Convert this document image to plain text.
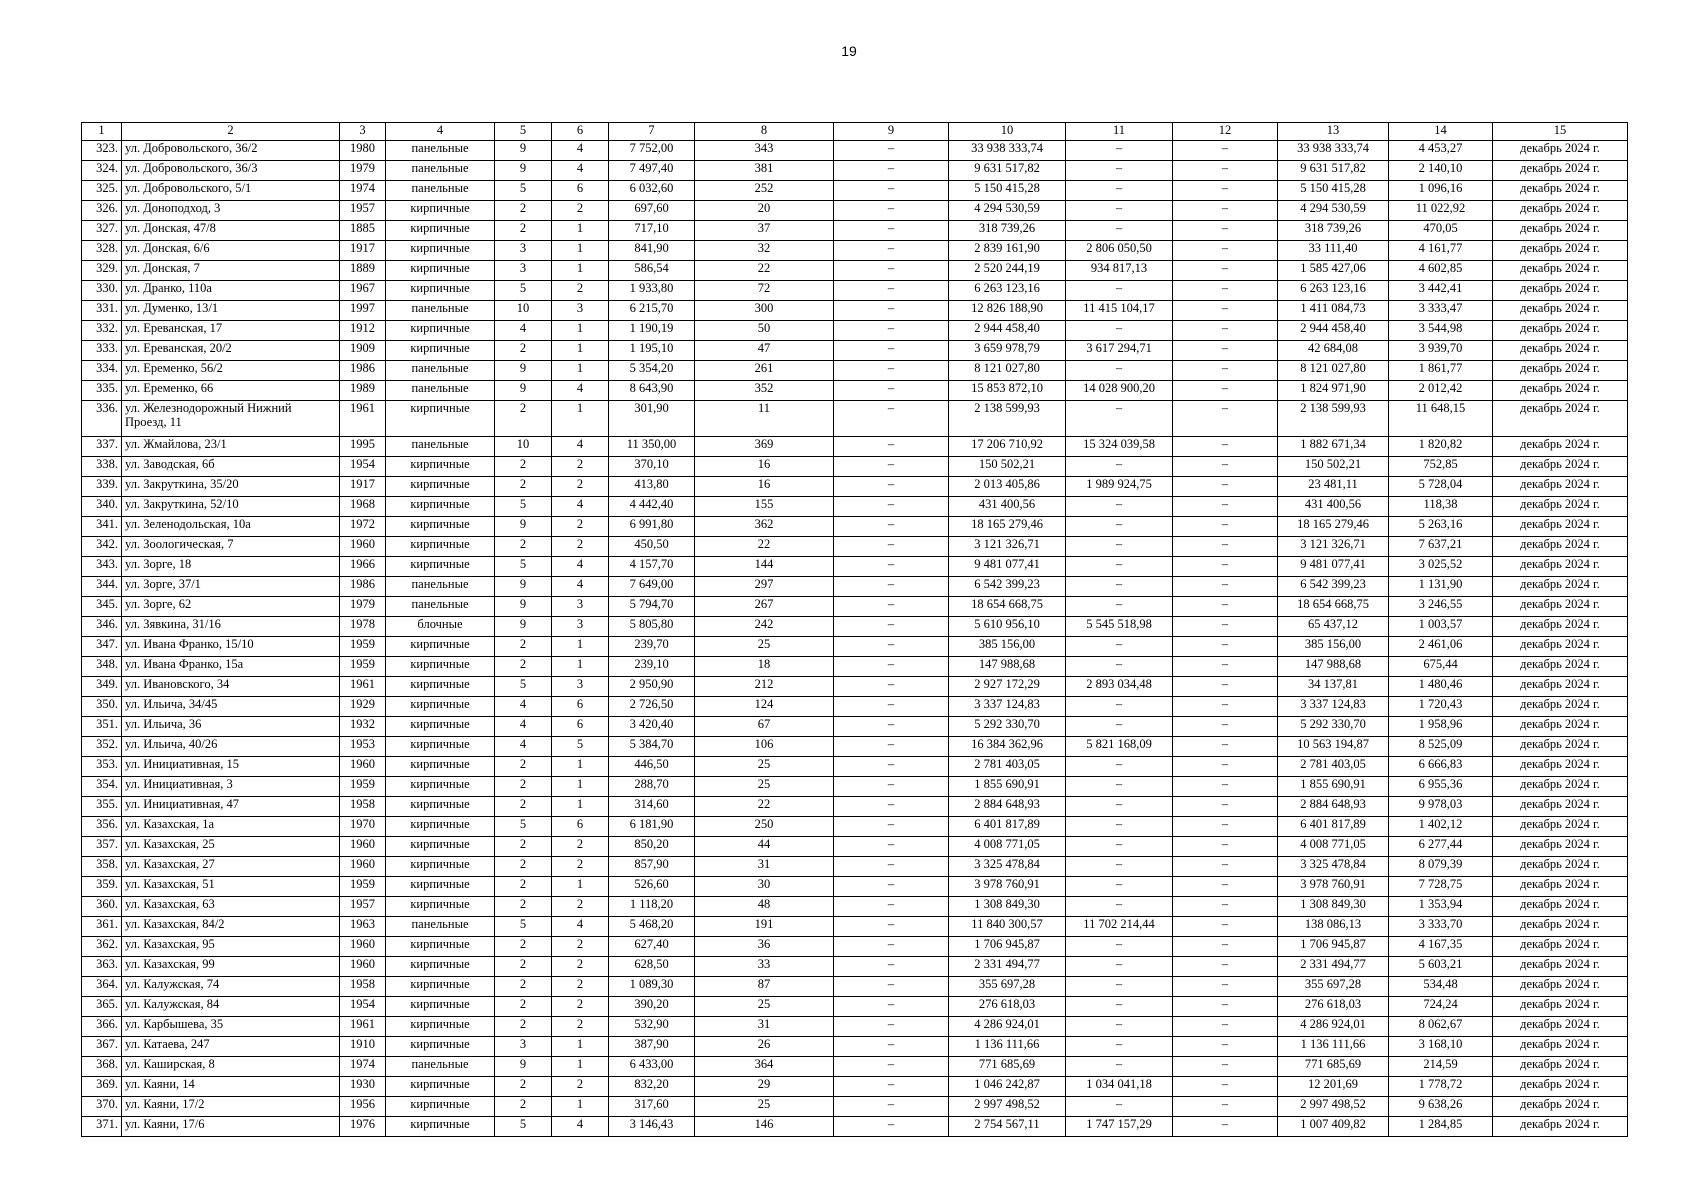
19
1	2	3	4	5	6	7	8	9	10	11	12	13	14	15
323.	ул. Добровольского, 36/2	1980	панельные	9	4	7 752,00	343	–	33 938 333,74	–	–	33 938 333,74	4 453,27	декабрь 2024 г.
324.	ул. Добровольского, 36/3	1979	панельные	9	4	7 497,40	381	–	9 631 517,82	–	–	9 631 517,82	2 140,10	декабрь 2024 г.
325.	ул. Добровольского, 5/1	1974	панельные	5	6	6 032,60	252	–	5 150 415,28	–	–	5 150 415,28	1 096,16	декабрь 2024 г.
326.	ул. Доноподход, 3	1957	кирпичные	2	2	697,60	20	–	4 294 530,59	–	–	4 294 530,59	11 022,92	декабрь 2024 г.
327.	ул. Донская, 47/8	1885	кирпичные	2	1	717,10	37	–	318 739,26	–	–	318 739,26	470,05	декабрь 2024 г.
328.	ул. Донская, 6/6	1917	кирпичные	3	1	841,90	32	–	2 839 161,90	2 806 050,50	–	33 111,40	4 161,77	декабрь 2024 г.
329.	ул. Донская, 7	1889	кирпичные	3	1	586,54	22	–	2 520 244,19	934 817,13	–	1 585 427,06	4 602,85	декабрь 2024 г.
330.	ул. Дранко, 110а	1967	кирпичные	5	2	1 933,80	72	–	6 263 123,16	–	–	6 263 123,16	3 442,41	декабрь 2024 г.
331.	ул. Думенко, 13/1	1997	панельные	10	3	6 215,70	300	–	12 826 188,90	11 415 104,17	–	1 411 084,73	3 333,47	декабрь 2024 г.
332.	ул. Ереванская, 17	1912	кирпичные	4	1	1 190,19	50	–	2 944 458,40	–	–	2 944 458,40	3 544,98	декабрь 2024 г.
333.	ул. Ереванская, 20/2	1909	кирпичные	2	1	1 195,10	47	–	3 659 978,79	3 617 294,71	–	42 684,08	3 939,70	декабрь 2024 г.
334.	ул. Еременко, 56/2	1986	панельные	9	1	5 354,20	261	–	8 121 027,80	–	–	8 121 027,80	1 861,77	декабрь 2024 г.
335.	ул. Еременко, 66	1989	панельные	9	4	8 643,90	352	–	15 853 872,10	14 028 900,20	–	1 824 971,90	2 012,42	декабрь 2024 г.
336.	ул. Железнодорожный Нижний Проезд, 11	1961	кирпичные	2	1	301,90	11	–	2 138 599,93	–	–	2 138 599,93	11 648,15	декабрь 2024 г.
337.	ул. Жмайлова, 23/1	1995	панельные	10	4	11 350,00	369	–	17 206 710,92	15 324 039,58	–	1 882 671,34	1 820,82	декабрь 2024 г.
338.	ул. Заводская, 6б	1954	кирпичные	2	2	370,10	16	–	150 502,21	–	–	150 502,21	752,85	декабрь 2024 г.
339.	ул. Закруткина, 35/20	1917	кирпичные	2	2	413,80	16	–	2 013 405,86	1 989 924,75	–	23 481,11	5 728,04	декабрь 2024 г.
340.	ул. Закруткина, 52/10	1968	кирпичные	5	4	4 442,40	155	–	431 400,56	–	–	431 400,56	118,38	декабрь 2024 г.
341.	ул. Зеленодольская, 10а	1972	кирпичные	9	2	6 991,80	362	–	18 165 279,46	–	–	18 165 279,46	5 263,16	декабрь 2024 г.
342.	ул. Зоологическая, 7	1960	кирпичные	2	2	450,50	22	–	3 121 326,71	–	–	3 121 326,71	7 637,21	декабрь 2024 г.
343.	ул. Зорге, 18	1966	кирпичные	5	4	4 157,70	144	–	9 481 077,41	–	–	9 481 077,41	3 025,52	декабрь 2024 г.
344.	ул. Зорге, 37/1	1986	панельные	9	4	7 649,00	297	–	6 542 399,23	–	–	6 542 399,23	1 131,90	декабрь 2024 г.
345.	ул. Зорге, 62	1979	панельные	9	3	5 794,70	267	–	18 654 668,75	–	–	18 654 668,75	3 246,55	декабрь 2024 г.
346.	ул. Зявкина, 31/16	1978	блочные	9	3	5 805,80	242	–	5 610 956,10	5 545 518,98	–	65 437,12	1 003,57	декабрь 2024 г.
347.	ул. Ивана Франко, 15/10	1959	кирпичные	2	1	239,70	25	–	385 156,00	–	–	385 156,00	2 461,06	декабрь 2024 г.
348.	ул. Ивана Франко, 15а	1959	кирпичные	2	1	239,10	18	–	147 988,68	–	–	147 988,68	675,44	декабрь 2024 г.
349.	ул. Ивановского, 34	1961	кирпичные	5	3	2 950,90	212	–	2 927 172,29	2 893 034,48	–	34 137,81	1 480,46	декабрь 2024 г.
350.	ул. Ильича, 34/45	1929	кирпичные	4	6	2 726,50	124	–	3 337 124,83	–	–	3 337 124,83	1 720,43	декабрь 2024 г.
351.	ул. Ильича, 36	1932	кирпичные	4	6	3 420,40	67	–	5 292 330,70	–	–	5 292 330,70	1 958,96	декабрь 2024 г.
352.	ул. Ильича, 40/26	1953	кирпичные	4	5	5 384,70	106	–	16 384 362,96	5 821 168,09	–	10 563 194,87	8 525,09	декабрь 2024 г.
353.	ул. Инициативная, 15	1960	кирпичные	2	1	446,50	25	–	2 781 403,05	–	–	2 781 403,05	6 666,83	декабрь 2024 г.
354.	ул. Инициативная, 3	1959	кирпичные	2	1	288,70	25	–	1 855 690,91	–	–	1 855 690,91	6 955,36	декабрь 2024 г.
355.	ул. Инициативная, 47	1958	кирпичные	2	1	314,60	22	–	2 884 648,93	–	–	2 884 648,93	9 978,03	декабрь 2024 г.
356.	ул. Казахская, 1а	1970	кирпичные	5	6	6 181,90	250	–	6 401 817,89	–	–	6 401 817,89	1 402,12	декабрь 2024 г.
357.	ул. Казахская, 25	1960	кирпичные	2	2	850,20	44	–	4 008 771,05	–	–	4 008 771,05	6 277,44	декабрь 2024 г.
358.	ул. Казахская, 27	1960	кирпичные	2	2	857,90	31	–	3 325 478,84	–	–	3 325 478,84	8 079,39	декабрь 2024 г.
359.	ул. Казахская, 51	1959	кирпичные	2	1	526,60	30	–	3 978 760,91	–	–	3 978 760,91	7 728,75	декабрь 2024 г.
360.	ул. Казахская, 63	1957	кирпичные	2	2	1 118,20	48	–	1 308 849,30	–	–	1 308 849,30	1 353,94	декабрь 2024 г.
361.	ул. Казахская, 84/2	1963	панельные	5	4	5 468,20	191	–	11 840 300,57	11 702 214,44	–	138 086,13	3 333,70	декабрь 2024 г.
362.	ул. Казахская, 95	1960	кирпичные	2	2	627,40	36	–	1 706 945,87	–	–	1 706 945,87	4 167,35	декабрь 2024 г.
363.	ул. Казахская, 99	1960	кирпичные	2	2	628,50	33	–	2 331 494,77	–	–	2 331 494,77	5 603,21	декабрь 2024 г.
364.	ул. Калужская, 74	1958	кирпичные	2	2	1 089,30	87	–	355 697,28	–	–	355 697,28	534,48	декабрь 2024 г.
365.	ул. Калужская, 84	1954	кирпичные	2	2	390,20	25	–	276 618,03	–	–	276 618,03	724,24	декабрь 2024 г.
366.	ул. Карбышева, 35	1961	кирпичные	2	2	532,90	31	–	4 286 924,01	–	–	4 286 924,01	8 062,67	декабрь 2024 г.
367.	ул. Катаева, 247	1910	кирпичные	3	1	387,90	26	–	1 136 111,66	–	–	1 136 111,66	3 168,10	декабрь 2024 г.
368.	ул. Каширская, 8	1974	панельные	9	1	6 433,00	364	–	771 685,69	–	–	771 685,69	214,59	декабрь 2024 г.
369.	ул. Каяни, 14	1930	кирпичные	2	2	832,20	29	–	1 046 242,87	1 034 041,18	–	12 201,69	1 778,72	декабрь 2024 г.
370.	ул. Каяни, 17/2	1956	кирпичные	2	1	317,60	25	–	2 997 498,52	–	–	2 997 498,52	9 638,26	декабрь 2024 г.
371.	ул. Каяни, 17/6	1976	кирпичные	5	4	3 146,43	146	–	2 754 567,11	1 747 157,29	–	1 007 409,82	1 284,85	декабрь 2024 г.
